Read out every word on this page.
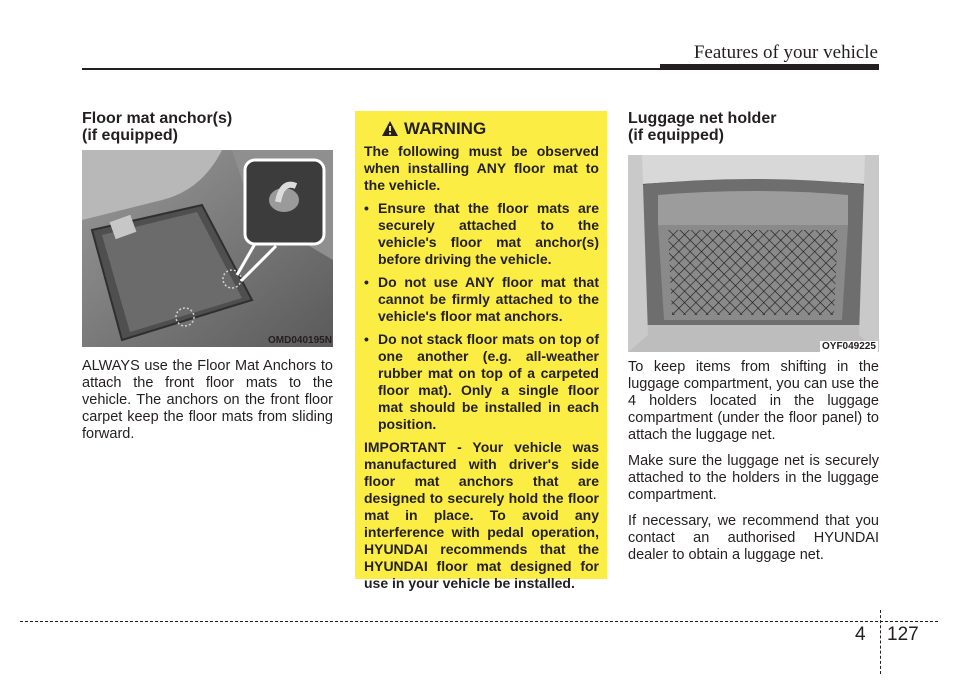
Features of your vehicle
Floor mat anchor(s)
(if equipped)
OMD040195N

ALWAYS use the Floor Mat Anchors to attach the front floor mats to the vehicle. The anchors on the front floor carpet keep the floor mats from sliding forward.

WARNING

The following must be observed when installing ANY floor mat to the vehicle.

• Ensure that the floor mats are securely attached to the vehicle's floor mat anchor(s) before driving the vehicle.
• Do not use ANY floor mat that cannot be firmly attached to the vehicle's floor mat anchors.
• Do not stack floor mats on top of one another (e.g. all-weather rubber mat on top of a carpeted floor mat). Only a single floor mat should be installed in each position.

IMPORTANT - Your vehicle was manufactured with driver's side floor mat anchors that are designed to securely hold the floor mat in place. To avoid any interference with pedal operation, HYUNDAI recommends that the HYUNDAI floor mat designed for use in your vehicle be installed.

Luggage net holder
(if equipped)
OYF049225

To keep items from shifting in the luggage compartment, you can use the 4 holders located in the luggage compartment (under the floor panel) to attach the luggage net.

Make sure the luggage net is securely attached to the holders in the luggage compartment.

If necessary, we recommend that you contact an authorised HYUNDAI dealer to obtain a luggage net.

4 127
